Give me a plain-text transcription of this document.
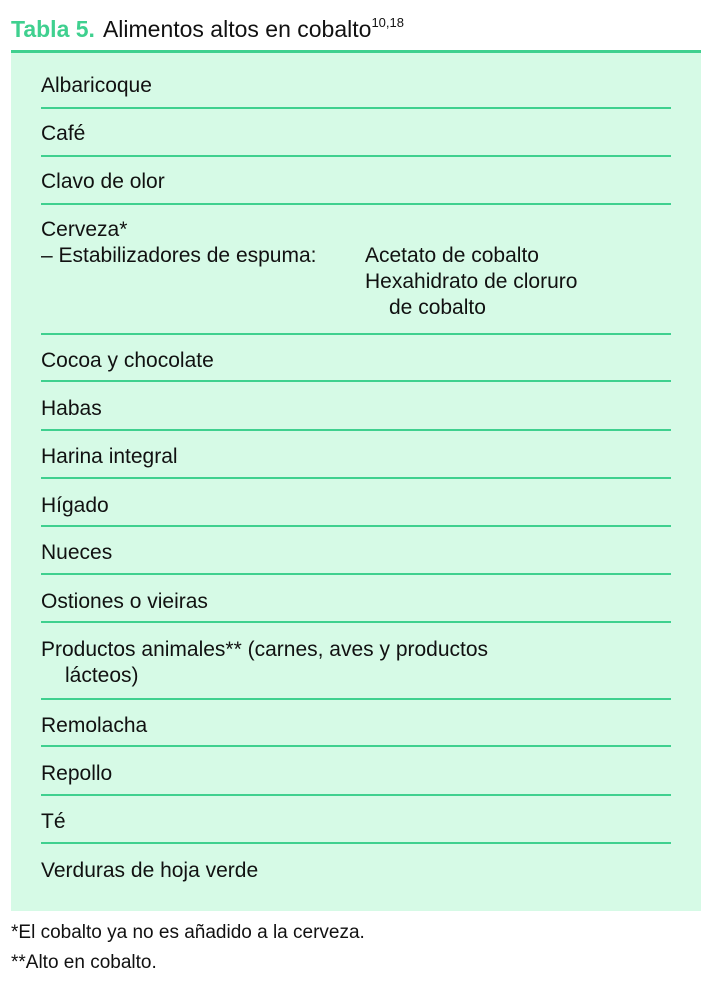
Tabla 5. Alimentos altos en cobalto$^{10,18}$
Albaricoque
Café
Clavo de olor
Cerveza*
– Estabilizadores de espuma:	Acetato de cobalto
Hexahidrato de cloruro
de cobalto
Cocoa y chocolate
Habas
Harina integral
Hígado
Nueces
Ostiones o vieiras
Productos animales** (carnes, aves y productos
lácteos)
Remolacha
Repollo
Té
Verduras de hoja verde
*El cobalto ya no es añadido a la cerveza.
**Alto en cobalto.
